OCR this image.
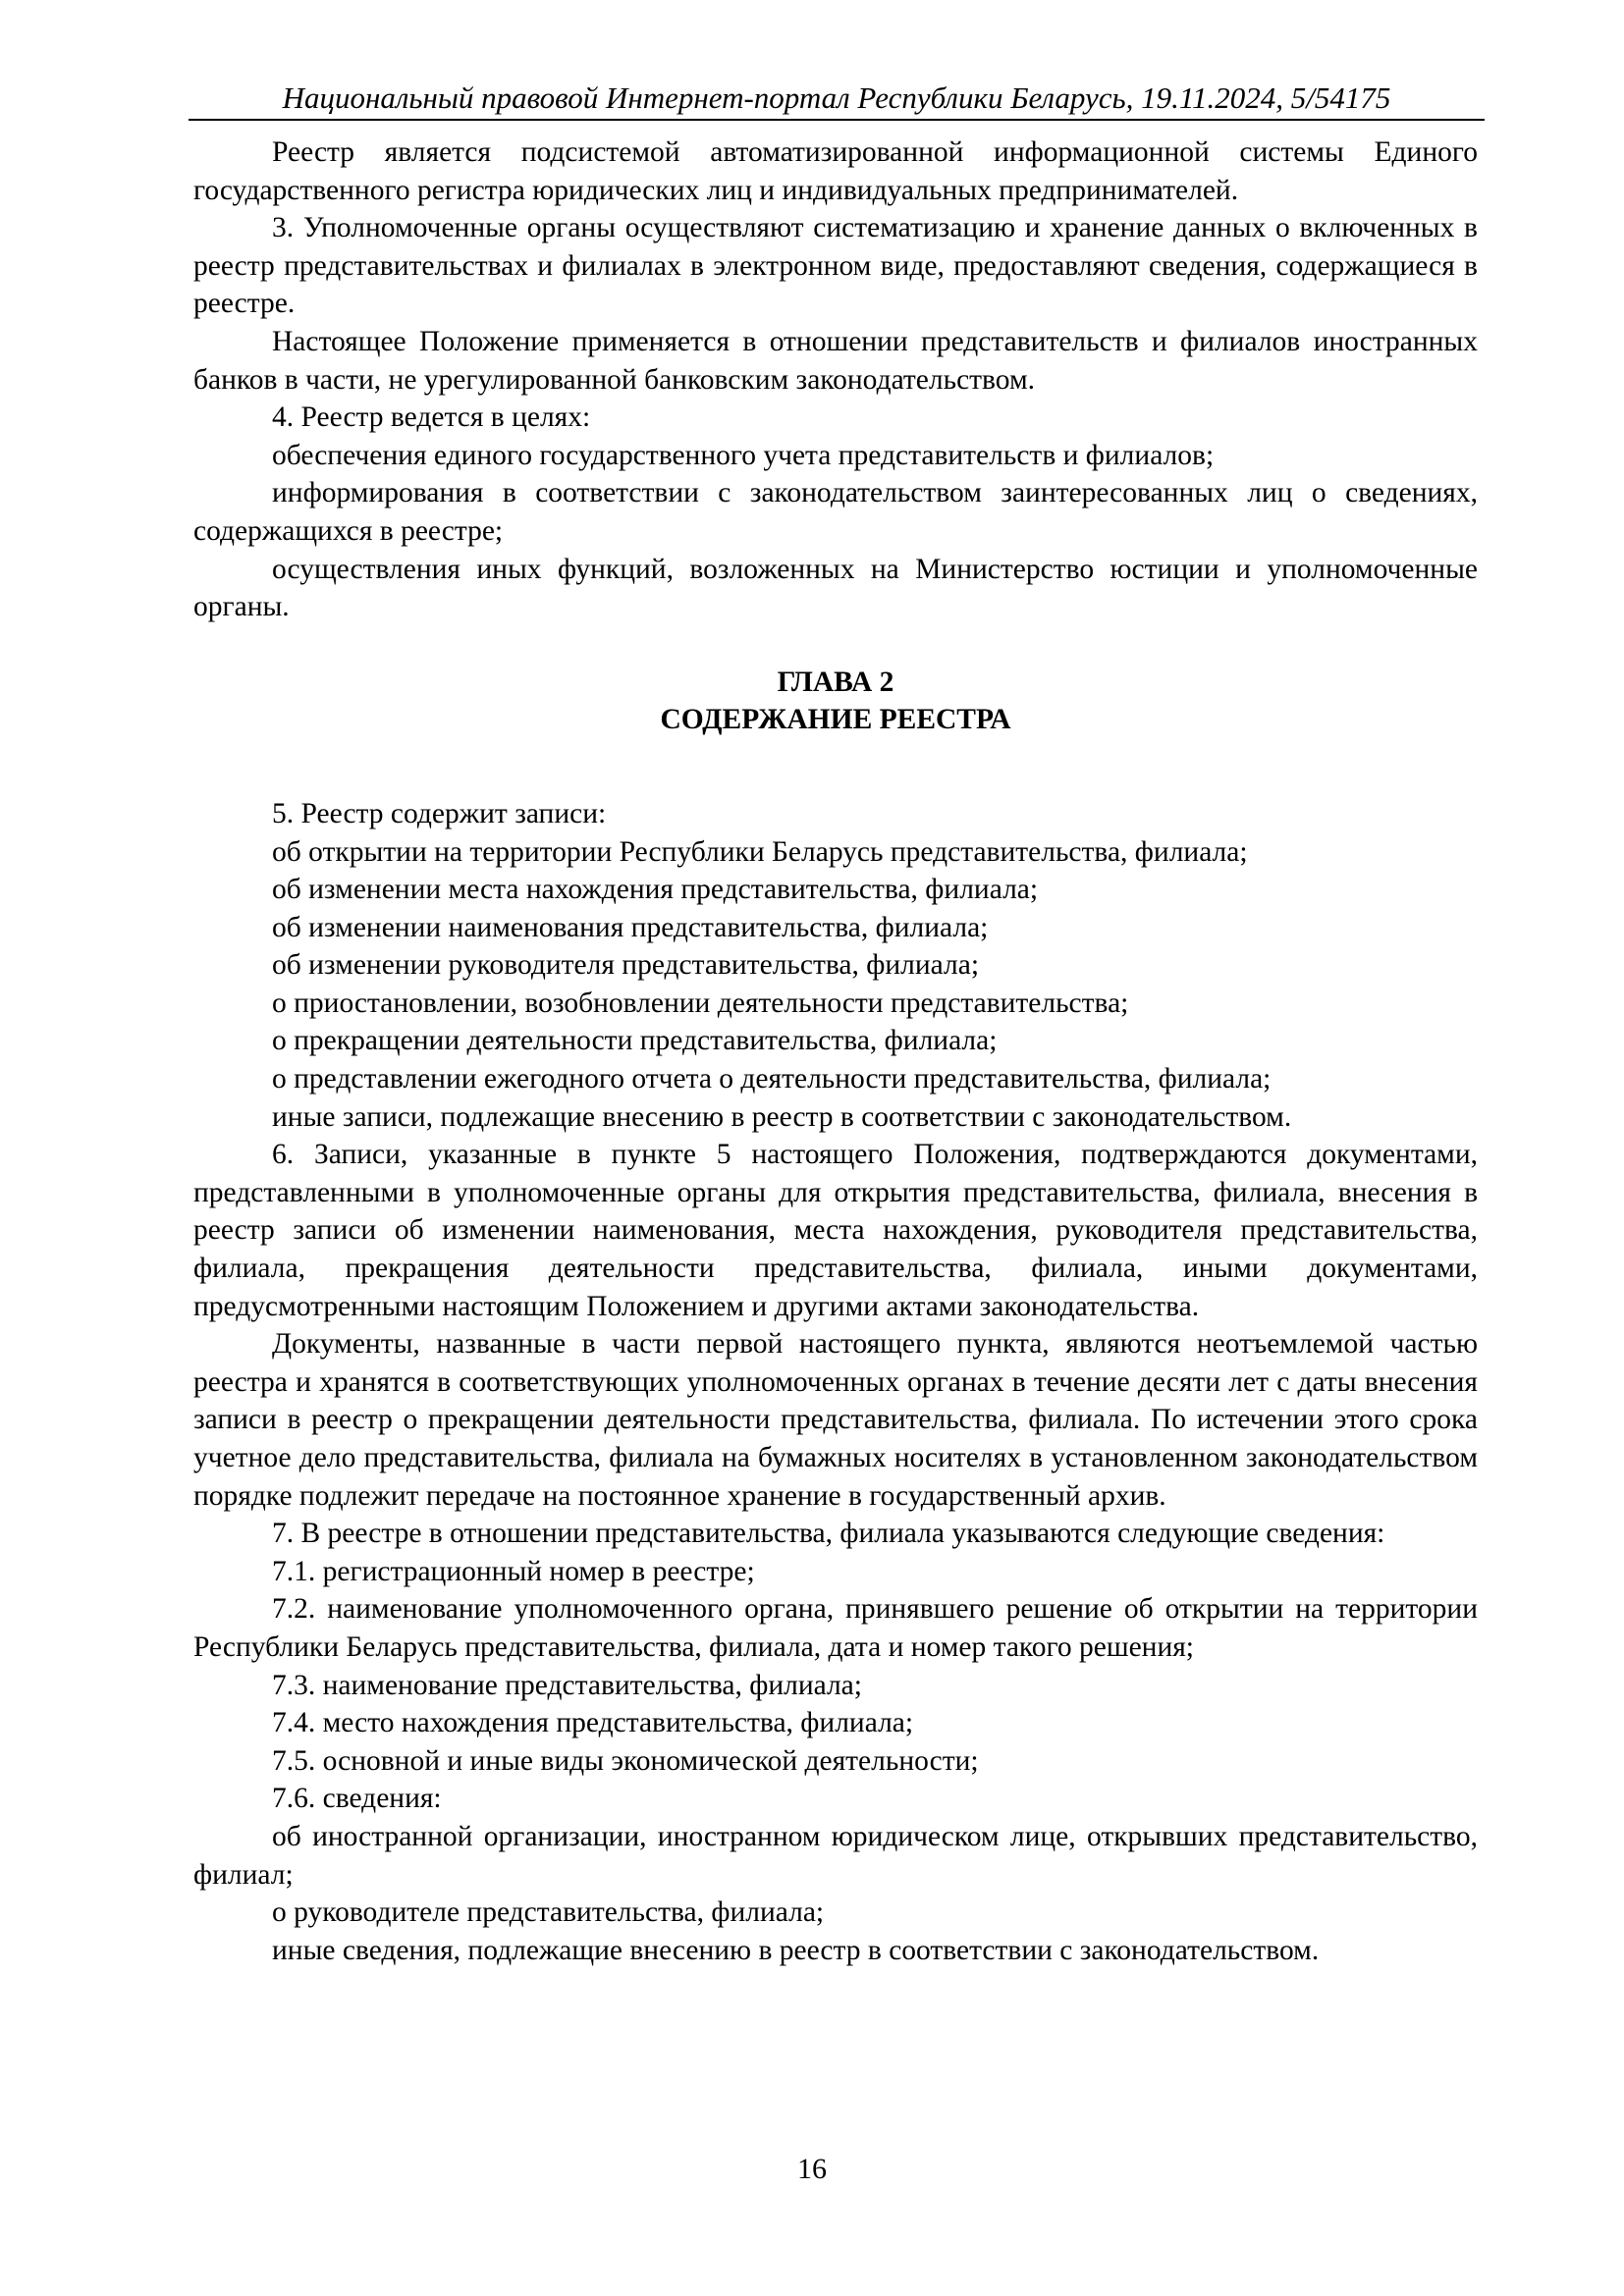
Национальный правовой Интернет-портал Республики Беларусь, 19.11.2024, 5/54175

Реестр является подсистемой автоматизированной информационной системы Единого государственного регистра юридических лиц и индивидуальных предпринимателей.

3. Уполномоченные органы осуществляют систематизацию и хранение данных о включенных в реестр представительствах и филиалах в электронном виде, предоставляют сведения, содержащиеся в реестре.

Настоящее Положение применяется в отношении представительств и филиалов иностранных банков в части, не урегулированной банковским законодательством.

4. Реестр ведется в целях:

обеспечения единого государственного учета представительств и филиалов;

информирования в соответствии с законодательством заинтересованных лиц о сведениях, содержащихся в реестре;

осуществления иных функций, возложенных на Министерство юстиции и уполномоченные органы.

ГЛАВА 2

СОДЕРЖАНИЕ РЕЕСТРА

5. Реестр содержит записи:

об открытии на территории Республики Беларусь представительства, филиала;

об изменении места нахождения представительства, филиала;

об изменении наименования представительства, филиала;

об изменении руководителя представительства, филиала;

о приостановлении, возобновлении деятельности представительства;

о прекращении деятельности представительства, филиала;

о представлении ежегодного отчета о деятельности представительства, филиала;

иные записи, подлежащие внесению в реестр в соответствии с законодательством.

6. Записи, указанные в пункте 5 настоящего Положения, подтверждаются документами, представленными в уполномоченные органы для открытия представительства, филиала, внесения в реестр записи об изменении наименования, места нахождения, руководителя представительства, филиала, прекращения деятельности представительства, филиала, иными документами, предусмотренными настоящим Положением и другими актами законодательства.

Документы, названные в части первой настоящего пункта, являются неотъемлемой частью реестра и хранятся в соответствующих уполномоченных органах в течение десяти лет с даты внесения записи в реестр о прекращении деятельности представительства, филиала. По истечении этого срока учетное дело представительства, филиала на бумажных носителях в установленном законодательством порядке подлежит передаче на постоянное хранение в государственный архив.

7. В реестре в отношении представительства, филиала указываются следующие сведения:

7.1. регистрационный номер в реестре;

7.2. наименование уполномоченного органа, принявшего решение об открытии на территории Республики Беларусь представительства, филиала, дата и номер такого решения;

7.3. наименование представительства, филиала;

7.4. место нахождения представительства, филиала;

7.5. основной и иные виды экономической деятельности;

7.6. сведения:

об иностранной организации, иностранном юридическом лице, открывших представительство, филиал;

о руководителе представительства, филиала;

иные сведения, подлежащие внесению в реестр в соответствии с законодательством.

16
